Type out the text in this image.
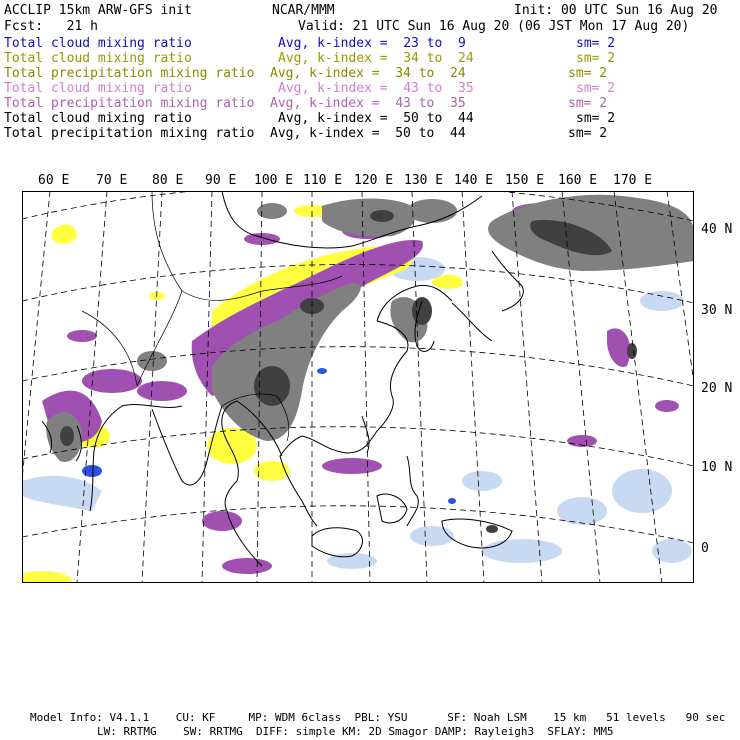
ACCLIP 15km ARW-GFS init	NCAR/MMM	Init: 00 UTC Sun 16 Aug 20
Fcst:   21 h	Valid: 21 UTC Sun 16 Aug 20 (06 JST Mon 17 Aug 20)
Total cloud mixing ratio	Avg, k-index =  23 to  9	sm= 2
Total cloud mixing ratio	Avg, k-index =  34 to  24	sm= 2
Total precipitation mixing ratio Avg, k-index =  34 to  24	sm= 2
Total cloud mixing ratio	Avg, k-index =  43 to  35	sm= 2
Total precipitation mixing ratio Avg, k-index =  43 to  35	sm= 2
Total cloud mixing ratio	Avg, k-index =  50 to  44	sm= 2
Total precipitation mixing ratio Avg, k-index =  50 to  44	sm= 2
60 E 70 E 80 E 90 E 100 E 110 E 120 E 130 E 140 E 150 E 160 E 170 E
40 N
30 N
20 N
10 N
0
Model Info: V4.1.1    CU: KF     MP: WDM 6class  PBL: YSU      SF: Noah LSM    15 km   51 levels   90 sec
LW: RRTMG    SW: RRTMG  DIFF: simple KM: 2D Smagor DAMP: Rayleigh3  SFLAY: MM5
